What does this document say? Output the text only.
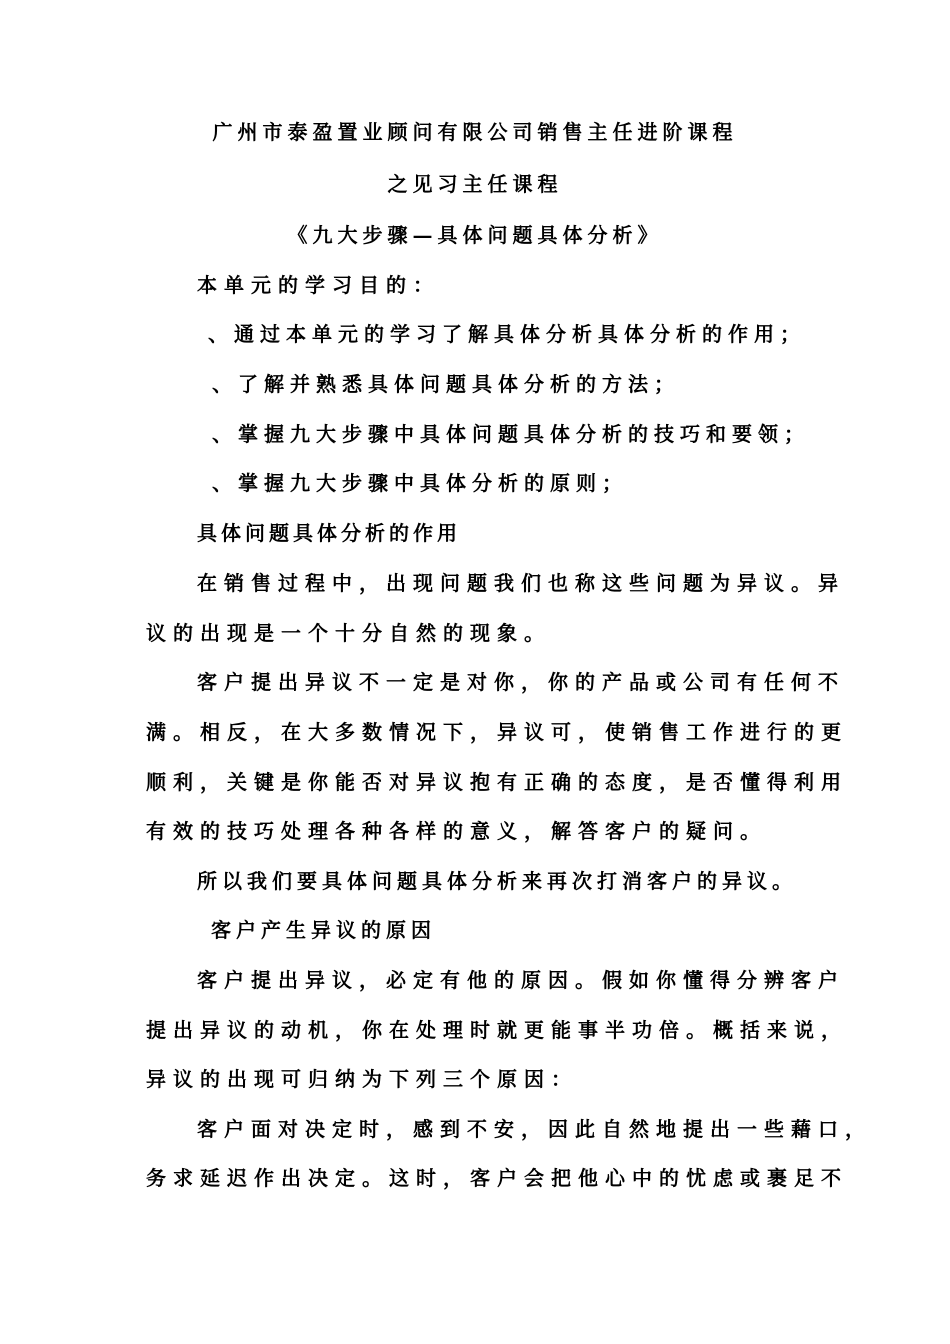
广州市泰盈置业顾问有限公司销售主任进阶课程
之见习主任课程
《九大步骤—具体问题具体分析》
本单元的学习目的：
、通过本单元的学习了解具体分析具体分析的作用；
、了解并熟悉具体问题具体分析的方法；
、掌握九大步骤中具体问题具体分析的技巧和要领；
、掌握九大步骤中具体分析的原则；
具体问题具体分析的作用
在销售过程中，出现问题我们也称这些问题为异议。异
议的出现是一个十分自然的现象。
客户提出异议不一定是对你，你的产品或公司有任何不
满。相反，在大多数情况下，异议可，使销售工作进行的更
顺利，关键是你能否对异议抱有正确的态度，是否懂得利用
有效的技巧处理各种各样的意义，解答客户的疑问。
所以我们要具体问题具体分析来再次打消客户的异议。
客户产生异议的原因
客户提出异议，必定有他的原因。假如你懂得分辨客户
提出异议的动机，你在处理时就更能事半功倍。概括来说，
异议的出现可归纳为下列三个原因：
客户面对决定时，感到不安，因此自然地提出一些藉口，
务求延迟作出决定。这时，客户会把他心中的忧虑或裹足不
